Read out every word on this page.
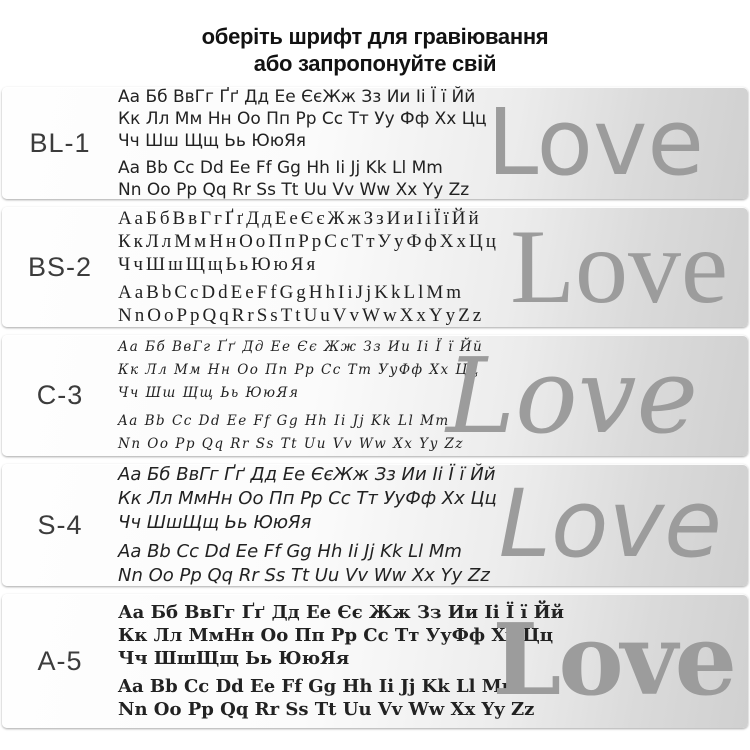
оберіть шрифт для гравіювання
або запропонуйте свій
BL-1
Аа Бб ВвГг Ґґ Дд Ее ЄєЖж Зз Ии Іі Ї ї Йй
Кк Лл Мм Нн Оо Пп Рр Сс Тт Уу Фф Хх Цц
Чч Шш Щщ Ьь ЮюЯя
Aa Bb Cc Dd Ee Ff Gg Hh Ii Jj Kk Ll Mm
Nn Oo Pp Qq Rr Ss Tt Uu Vv Ww Xx Yy Zz Love
BS-2
АаБбВвГгҐґДдЕеЄєЖжЗзИиІіЇїЙй
КкЛлМмНнОоПпРрСсТтУуФфХхЦц
ЧчШшЩщЬьЮюЯя
AaBbCcDdEeFfGgHhIiJjKkLlMm
NnOoPpQqRrSsTtUuVvWwXxYyZz Love
C-3
Аа Бб ВвГг Ґґ Дд Ее Єє Жж Зз Ии Іі Ї ї Йй
Кк Лл Мм Нн Оо Пп Рр Сс Тт УуФф Хх Цц
Чч Шш Щщ Ьь ЮюЯя
Aa Bb Cc Dd Ee Ff Gg Hh Ii Jj Kk Ll Mm
Nn Oo Pp Qq Rr Ss Tt Uu Vv Ww Xx Yy Zz
Love
S-4
Аа Бб ВвГг Ґґ Дд Ее ЄєЖж Зз Ии Іі Ї ї Йй
Кк Лл МмНн Оо Пп Рр Сс Тт УуФф Хх Цц
Чч ШшЩщ Ьь ЮюЯя
Aa Bb Cc Dd Ee Ff Gg Hh Ii Jj Kk Ll Mm
Nn Oo Pp Qq Rr Ss Tt Uu Vv Ww Xx Yy Zz Love
A-5
Аа Бб ВвГг Ґґ Дд Ее Єє Жж Зз Ии Іі Ї ї Йй
Кк Лл МмНн Оо Пп Рр Сс Тт УуФф Хх Цц
Чч ШшЩщ Ьь ЮюЯя
Aa Bb Cc Dd Ee Ff Gg Hh Ii Jj Kk Ll Mm
Nn Oo Pp Qq Rr Ss Tt Uu Vv Ww Xx Yy Zz
Love
